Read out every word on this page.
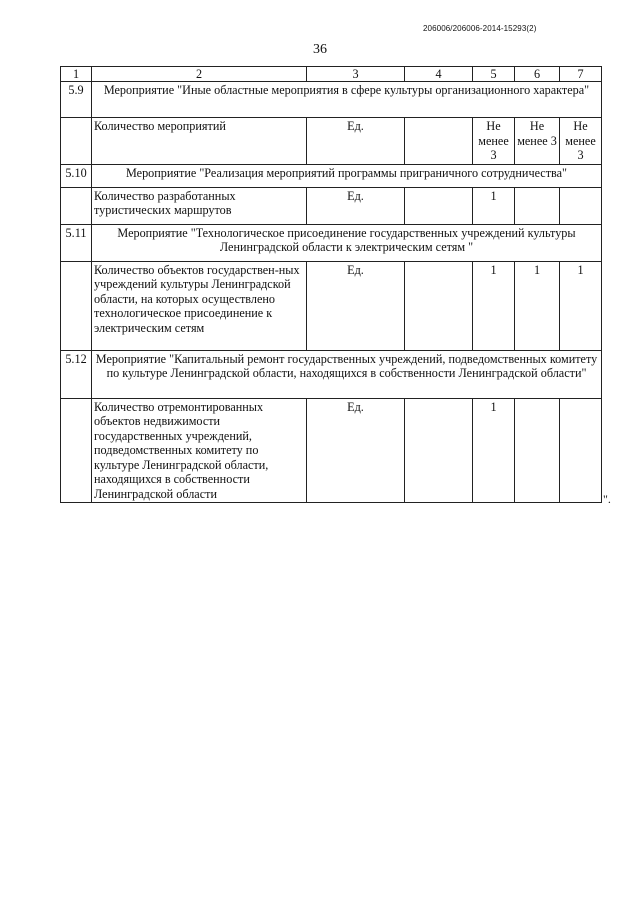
206006/206006-2014-15293(2)
36
1	2	3	4	5	6	7
5.9	Мероприятие "Иные областные мероприятия в сфере культуры организационного характера"					
	Количество мероприятий	Ед.		Не менее 3	Не менее 3	Не менее 3
5.10	Мероприятие "Реализация мероприятий программы приграничного сотрудничества"					
	Количество разработанных туристических маршрутов	Ед.		1		
5.11	Мероприятие "Технологическое присоединение государственных учреждений культуры Ленинградской области к электрическим сетям "					
	Количество объектов государствен-ных учреждений культуры Ленинградской области, на которых осуществлено технологическое присоединение к электрическим сетям	Ед.		1	1	1
5.12	Мероприятие "Капитальный ремонт государственных учреждений, подведомственных комитету по культуре Ленинградской области, находящихся в собственности Ленинградской области"					
	Количество отремонтированных объектов недвижимости государственных учреждений, подведомственных комитету по культуре Ленинградской области, находящихся в собственности Ленинградской области	Ед.		1		
".
